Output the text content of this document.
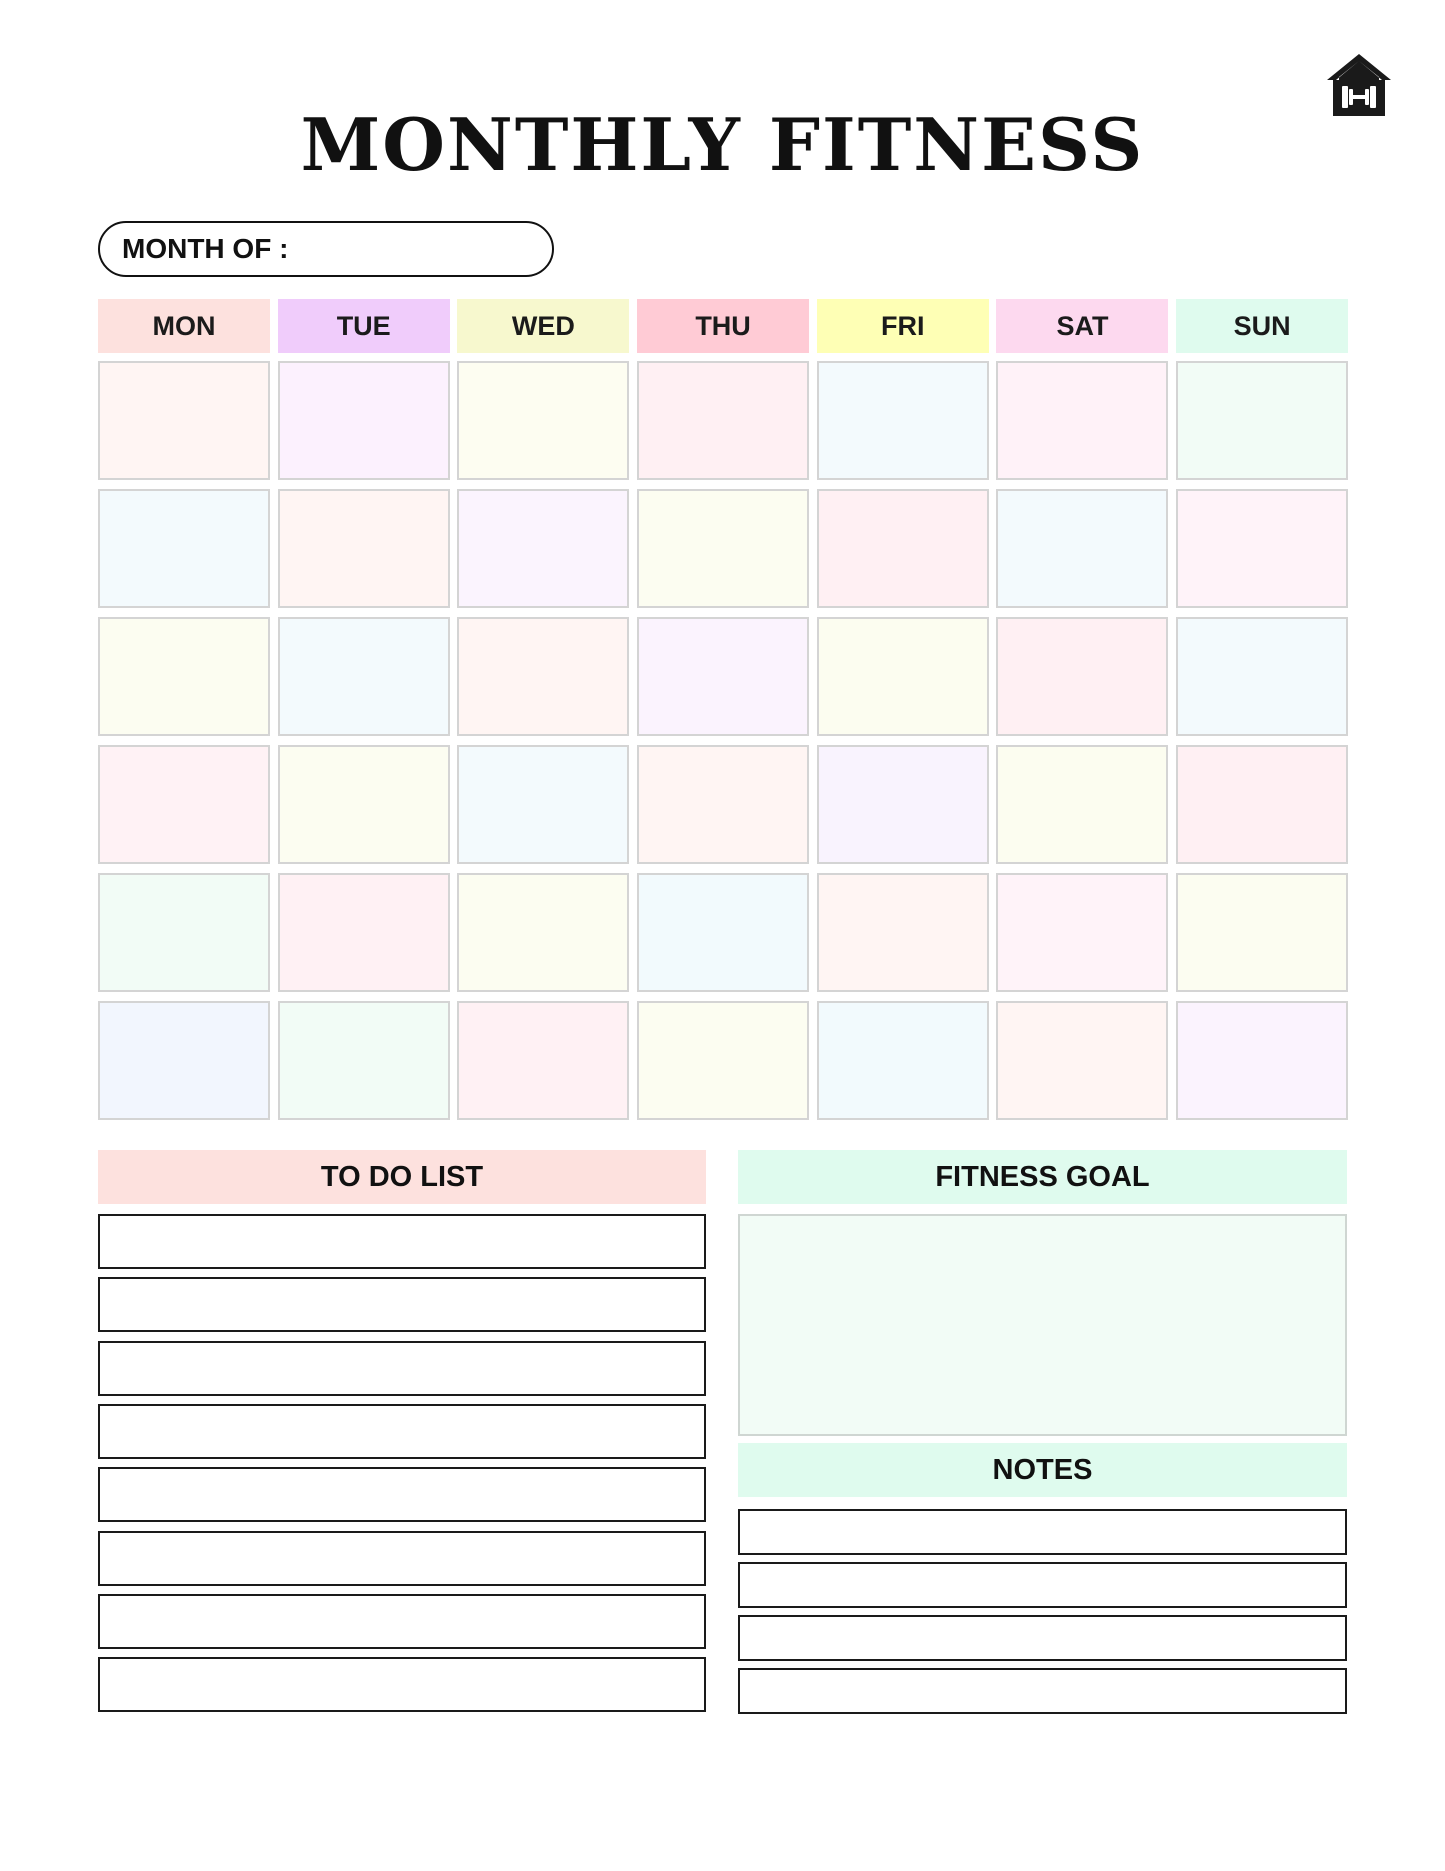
MONTHLY FITNESS
MONTH OF :
MON	TUE	WED	THU	FRI	SAT	SUN
TO DO LIST	FITNESS GOAL
NOTES
